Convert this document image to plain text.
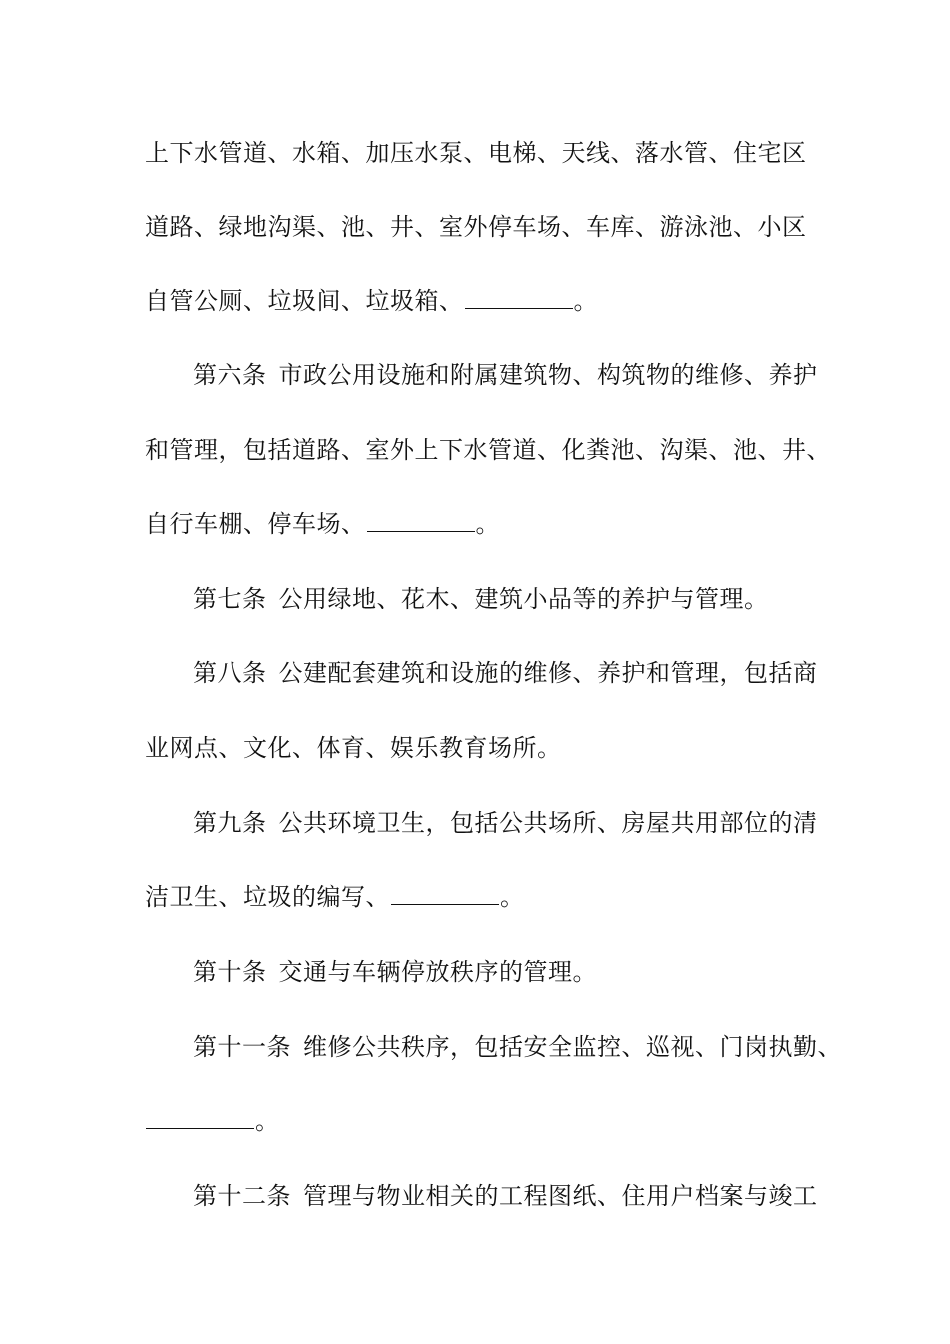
上下水管道、水箱、加压水泵、电梯、天线、落水管、住宅区
道路、绿地沟渠、池、井、室外停车场、车库、游泳池、小区
自管公厕、垃圾间、垃圾箱、	。
第六条 市政公用设施和附属建筑物、构筑物的维修、养护
和管理，包括道路、室外上下水管道、化粪池、沟渠、池、井、
自行车棚、停车场、	。
第七条 公用绿地、花木、建筑小品等的养护与管理。
第八条 公建配套建筑和设施的维修、养护和管理，包括商
业网点、文化、体育、娱乐教育场所。
第九条 公共环境卫生，包括公共场所、房屋共用部位的清
洁卫生、垃圾的编写、	。
第十条 交通与车辆停放秩序的管理。
第十一条 维修公共秩序，包括安全监控、巡视、门岗执勤、
。
第十二条 管理与物业相关的工程图纸、住用户档案与竣工
